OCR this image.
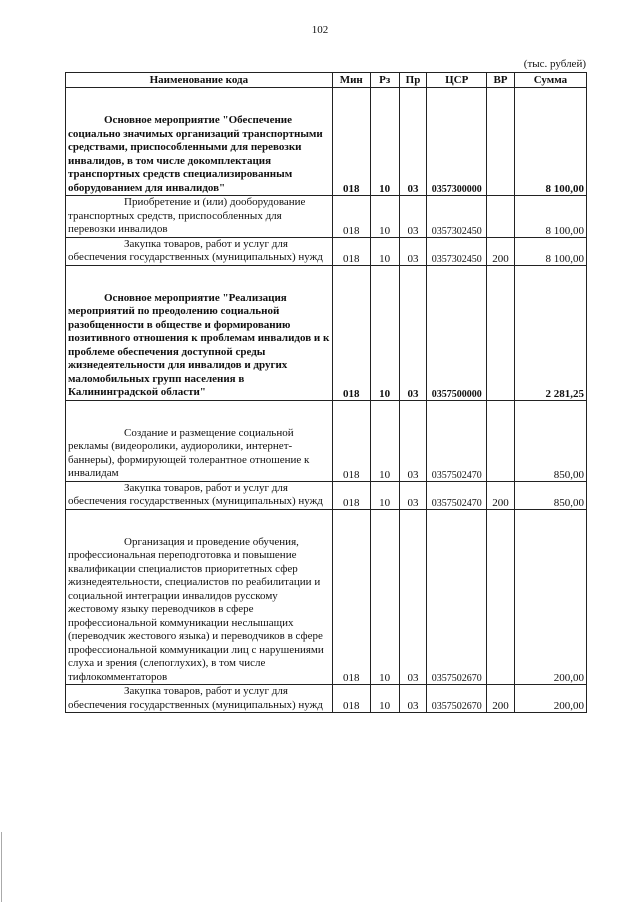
102
(тыс. рублей)
Наименование кода	Мин	Рз	Пр	ЦСР	ВР	Сумма
Основное мероприятие "Обеспечение социально значимых организаций транспортными средствами, приспособленными для перевозки инвалидов, в том числе докомплектация транспортных средств специализированным оборудованием для инвалидов"	018	10	03	0357300000		8 100,00
Приобретение и (или) дооборудование транспортных средств, приспособленных для перевозки инвалидов	018	10	03	0357302450		8 100,00
Закупка товаров, работ и услуг для обеспечения государственных (муниципальных) нужд	018	10	03	0357302450	200	8 100,00
Основное мероприятие "Реализация мероприятий по преодолению социальной разобщенности в обществе и формированию позитивного отношения к проблемам инвалидов и к проблеме обеспечения доступной среды жизнедеятельности для инвалидов и других маломобильных групп населения в Калининградской области"	018	10	03	0357500000		2 281,25
Создание и размещение социальной рекламы (видеоролики, аудиоролики, интернет-баннеры), формирующей толерантное отношение к инвалидам	018	10	03	0357502470		850,00
Закупка товаров, работ и услуг для обеспечения государственных (муниципальных) нужд	018	10	03	0357502470	200	850,00
Организация и проведение обучения, профессиональная переподготовка и повышение квалификации специалистов приоритетных сфер жизнедеятельности, специалистов по реабилитации и социальной интеграции инвалидов русскому жестовому языку переводчиков в сфере профессиональной коммуникации неслышащих (переводчик жестового языка) и переводчиков в сфере профессиональной коммуникации лиц с нарушениями слуха и зрения (слепоглухих), в том числе тифлокомментаторов	018	10	03	0357502670		200,00
Закупка товаров, работ и услуг для обеспечения государственных (муниципальных) нужд	018	10	03	0357502670	200	200,00
